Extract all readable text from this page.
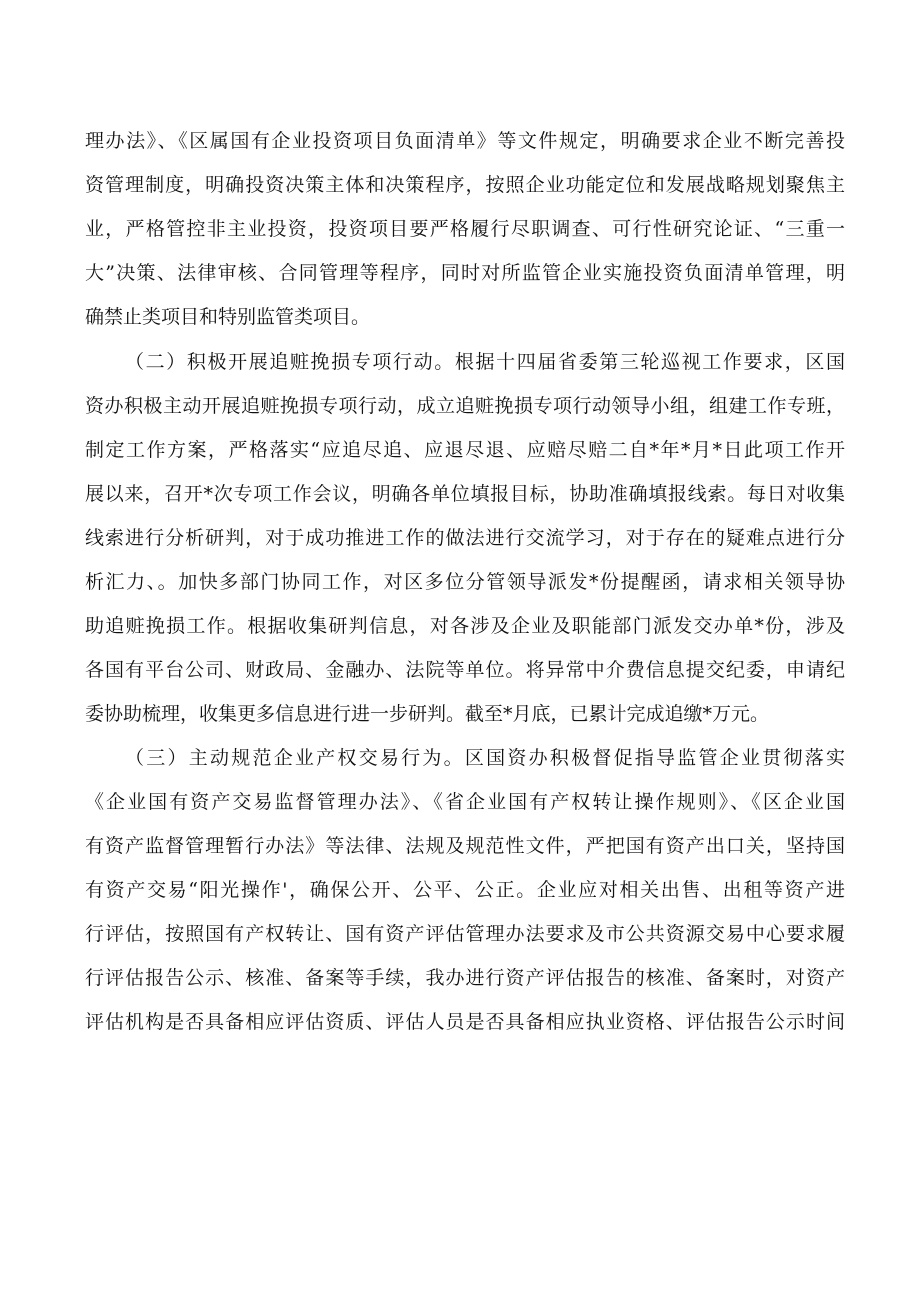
理办法》、《区属国有企业投资项目负面清单》等文件规定，明确要求企业不断完善投
资管理制度，明确投资决策主体和决策程序，按照企业功能定位和发展战略规划聚焦主
业，严格管控非主业投资，投资项目要严格履行尽职调查、可行性研究论证、“三重一
大”决策、法律审核、合同管理等程序，同时对所监管企业实施投资负面清单管理，明
确禁止类项目和特别监管类项目。
（二）积极开展追赃挽损专项行动。根据十四届省委第三轮巡视工作要求，区国
资办积极主动开展追赃挽损专项行动，成立追赃挽损专项行动领导小组，组建工作专班，
制定工作方案，严格落实“应追尽追、应退尽退、应赔尽赔二自*年*月*日此项工作开
展以来，召开*次专项工作会议，明确各单位填报目标，协助准确填报线索。每日对收集
线索进行分析研判，对于成功推进工作的做法进行交流学习，对于存在的疑难点进行分
析汇力、。加快多部门协同工作，对区多位分管领导派发*份提醒函，请求相关领导协
助追赃挽损工作。根据收集研判信息，对各涉及企业及职能部门派发交办单*份，涉及
各国有平台公司、财政局、金融办、法院等单位。将异常中介费信息提交纪委，申请纪
委协助梳理，收集更多信息进行进一步研判。截至*月底，已累计完成追缴*万元。
（三）主动规范企业产权交易行为。区国资办积极督促指导监管企业贯彻落实
《企业国有资产交易监督管理办法》、《省企业国有产权转让操作规则》、《区企业国
有资产监督管理暂行办法》等法律、法规及规范性文件，严把国有资产出口关，坚持国
有资产交易“阳光操作'，确保公开、公平、公正。企业应对相关出售、出租等资产进
行评估，按照国有产权转让、国有资产评估管理办法要求及市公共资源交易中心要求履
行评估报告公示、核准、备案等手续，我办进行资产评估报告的核准、备案时，对资产
评估机构是否具备相应评估资质、评估人员是否具备相应执业资格、评估报告公示时间
